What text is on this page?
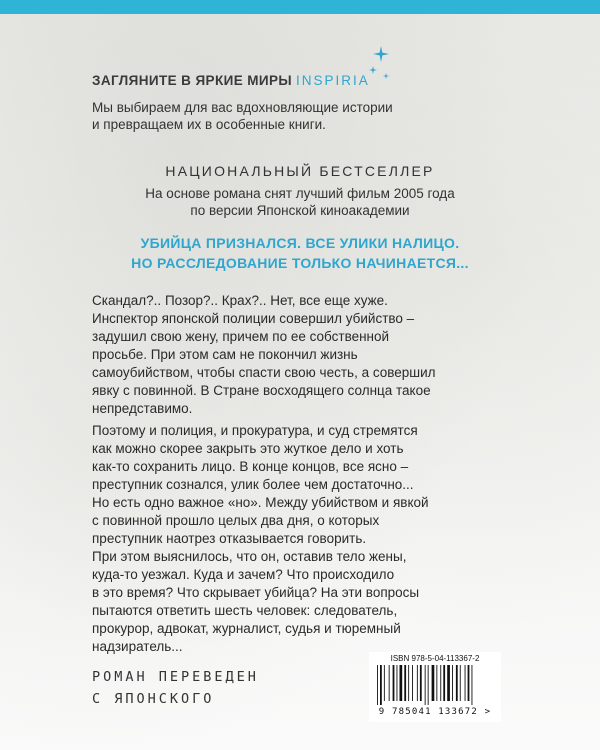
ЗАГЛЯНИТЕ В ЯРКИЕ МИРЫ INSPIRIA
Мы выбираем для вас вдохновляющие истории
и превращаем их в особенные книги.
НАЦИОНАЛЬНЫЙ БЕСТСЕЛЛЕР
На основе романа снят лучший фильм 2005 года
по версии Японской киноакадемии
УБИЙЦА ПРИЗНАЛСЯ. ВСЕ УЛИКИ НАЛИЦО.
НО РАССЛЕДОВАНИЕ ТОЛЬКО НАЧИНАЕТСЯ...
Скандал?.. Позор?.. Крах?.. Нет, все еще хуже.
Инспектор японской полиции совершил убийство –
задушил свою жену, причем по ее собственной
просьбе. При этом сам не покончил жизнь
самоубийством, чтобы спасти свою честь, а совершил
явку с повинной. В Стране восходящего солнца такое
непредставимо.
Поэтому и полиция, и прокуратура, и суд стремятся
как можно скорее закрыть это жуткое дело и хоть
как-то сохранить лицо. В конце концов, все ясно –
преступник сознался, улик более чем достаточно...
Но есть одно важное «но». Между убийством и явкой
с повинной прошло целых два дня, о которых
преступник наотрез отказывается говорить.
При этом выяснилось, что он, оставив тело жены,
куда-то уезжал. Куда и зачем? Что происходило
в это время? Что скрывает убийца? На эти вопросы
пытаются ответить шесть человек: следователь,
прокурор, адвокат, журналист, судья и тюремный
надзиратель...
РОМАН ПЕРЕВЕДЕН
С ЯПОНСКОГО
ISBN 978-5-04-113367-2
9 785041 133672 >
